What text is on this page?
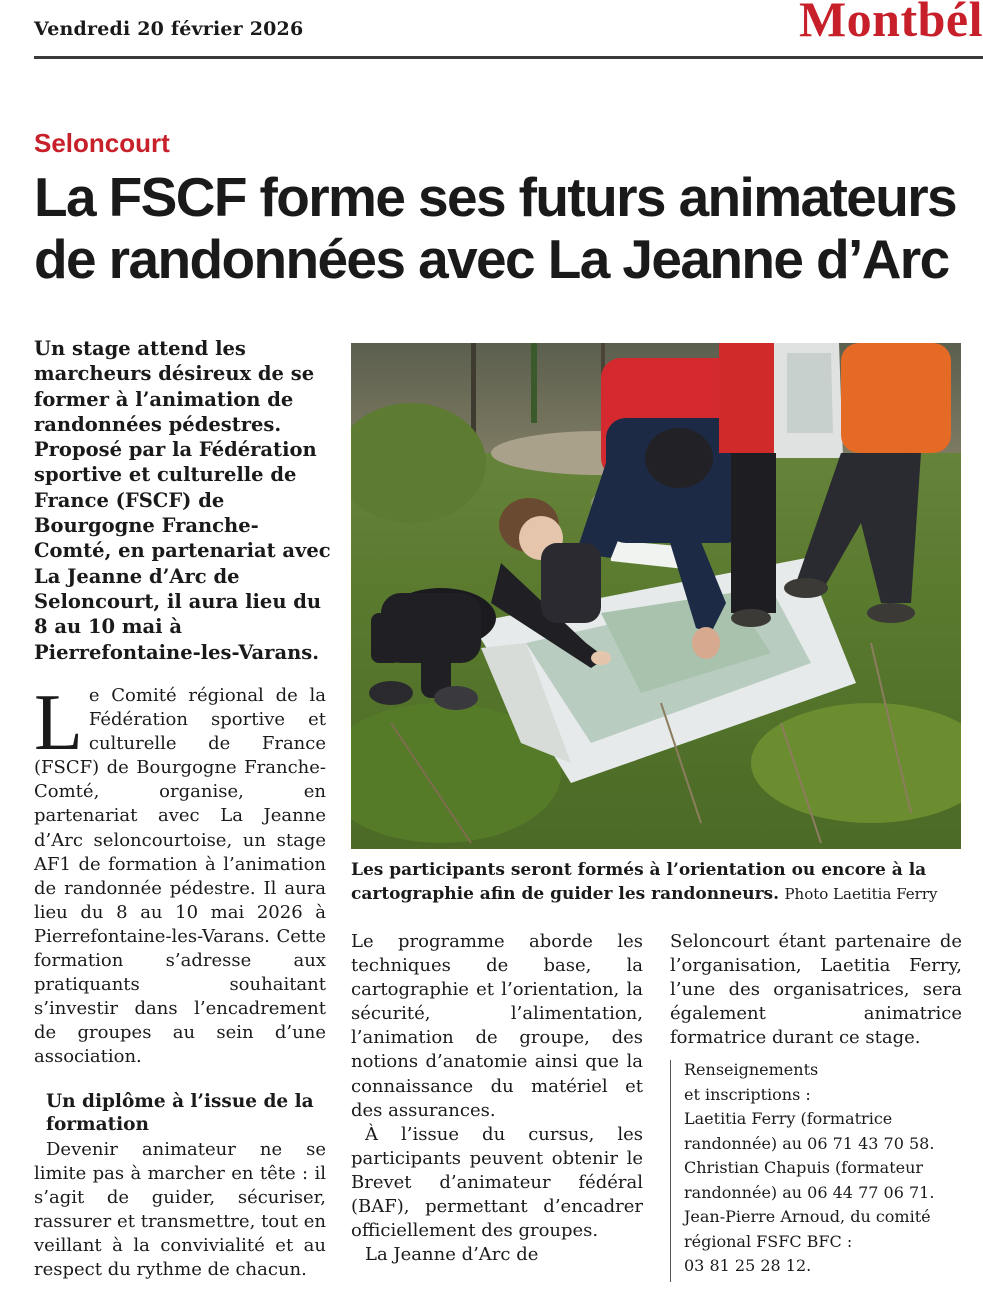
Vendredi 20 février 2026	Montbél
Seloncourt
La FSCF forme ses futurs animateurs
de randonnées avec La Jeanne d’Arc
Un stage attend les marcheurs désireux de se former à l’animation de randonnées pédestres. Proposé par la Fédération sportive et culturelle de France (FSCF) de Bourgogne Franche-Comté, en partenariat avec La Jeanne d’Arc de Seloncourt, il aura lieu du 8 au 10 mai à Pierrefontaine-les-Varans.

Le Comité régional de la Fédération sportive et culturelle de France (FSCF) de Bourgogne Franche-Comté, organise, en partenariat avec La Jeanne d’Arc seloncourtoise, un stage AF1 de formation à l’animation de randonnée pédestre. Il aura lieu du 8 au 10 mai 2026 à Pierrefontaine-les-Varans. Cette formation s’adresse aux pratiquants souhaitant s’investir dans l’encadrement de groupes au sein d’une association.

Un diplôme à l’issue de la formation

Devenir animateur ne se limite pas à marcher en tête : il s’agit de guider, sécuriser, rassurer et transmettre, tout en veillant à la convivialité et au respect du rythme de chacun.

Les participants seront formés à l’orientation ou encore à la cartographie afin de guider les randonneurs. Photo Laetitia Ferry

Le programme aborde les techniques de base, la cartographie et l’orientation, la sécurité, l’alimentation, l’animation de groupe, des notions d’anatomie ainsi que la connaissance du matériel et des assurances.

À l’issue du cursus, les participants peuvent obtenir le Brevet d’animateur fédéral (BAF), permettant d’encadrer officiellement des groupes.

La Jeanne d’Arc de

Renseignements
et inscriptions :
Laetitia Ferry (formatrice
randonnée) au 06 71 43 70 58.
Christian Chapuis (formateur
randonnée) au 06 44 77 06 71.
Jean-Pierre Arnoud, du comité
régional FSFC BFC :
03 81 25 28 12.

Seloncourt étant partenaire de l’organisation, Laetitia Ferry, l’une des organisatrices, sera également animatrice formatrice durant ce stage.
